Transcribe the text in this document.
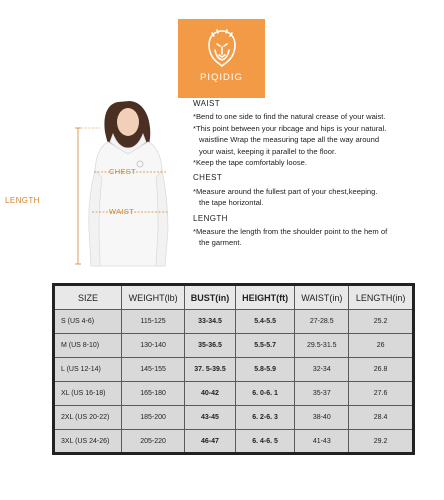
PIQIDIG
CHEST
WAIST
LENGTH
WAIST
*Bend to one side to find the natural crease of your waist.
*This point between your ribcage and hips is your natural.
waistline Wrap the measuring tape all the way around
your waist, keeping it parallel to the floor.
*Keep the tape comfortably loose.
CHEST
*Measure around the fullest part of your chest,keeping.
the tape horizontal.
LENGTH
*Measure the length from the shoulder point to the hem of
the garment.
SIZE	WEIGHT(lb)	BUST(in)	HEIGHT(ft)	WAIST(in)	LENGTH(in)
S (US 4-6)	115-125	33-34.5	5.4-5.5	27-28.5	25.2
M (US 8-10)	130-140	35-36.5	5.5-5.7	29.5-31.5	26
L (US 12-14)	145-155	37. 5-39.5	5.8-5.9	32-34	26.8
XL (US 16-18)	165-180	40-42	6. 0-6. 1	35-37	27.6
2XL (US 20-22)	185-200	43-45	6. 2-6. 3	38-40	28.4
3XL (US 24-26)	205-220	46-47	6. 4-6. 5	41-43	29.2
